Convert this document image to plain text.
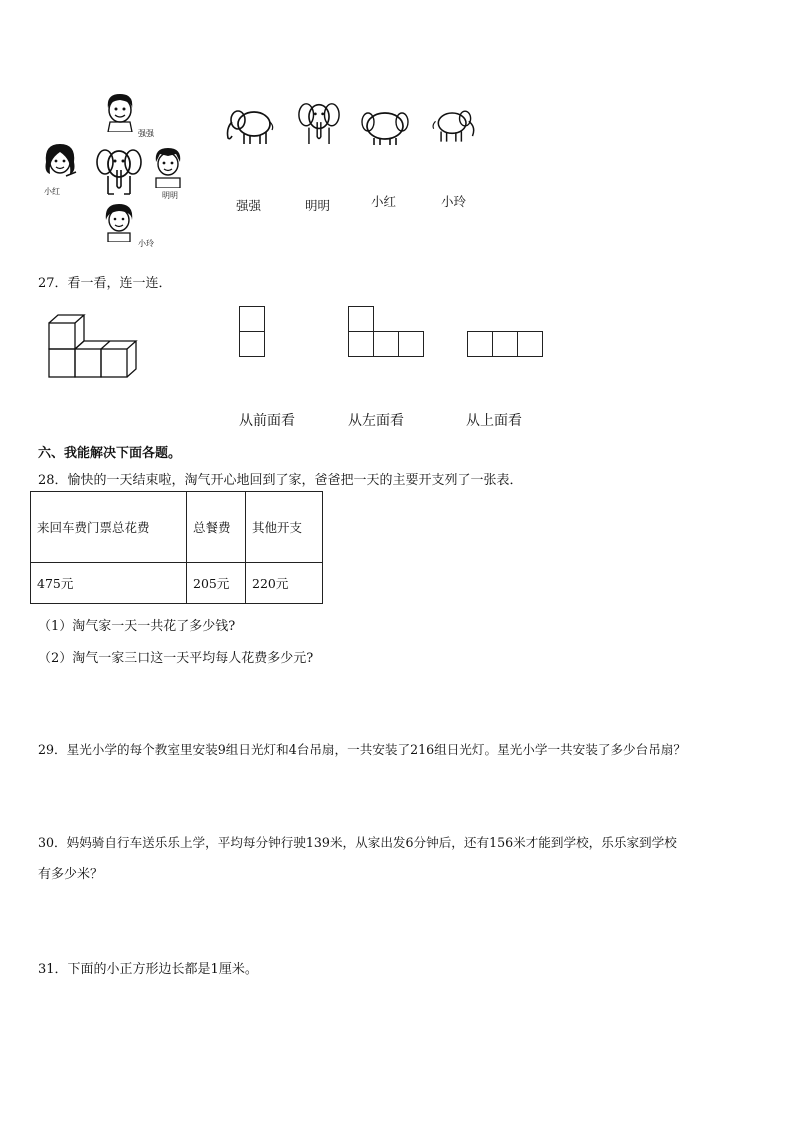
强强
小红	明明
小玲
强强	明明	小红	小玲
27．看一看，连一连．
从前面看	从左面看	从上面看
六、我能解决下面各题。
28．愉快的一天结束啦，淘气开心地回到了家，爸爸把一天的主要开支列了一张表．
来回车费门票总花费	总餐费	其他开支
475元	205元	220元
（1）淘气家一天一共花了多少钱?
（2）淘气一家三口这一天平均每人花费多少元?
29．星光小学的每个教室里安装9组日光灯和4台吊扇，一共安装了216组日光灯。星光小学一共安装了多少台吊扇？
30．妈妈骑自行车送乐乐上学，平均每分钟行驶139米，从家出发6分钟后，还有156米才能到学校，乐乐家到学校
有多少米？
31．下面的小正方形边长都是1厘米。
